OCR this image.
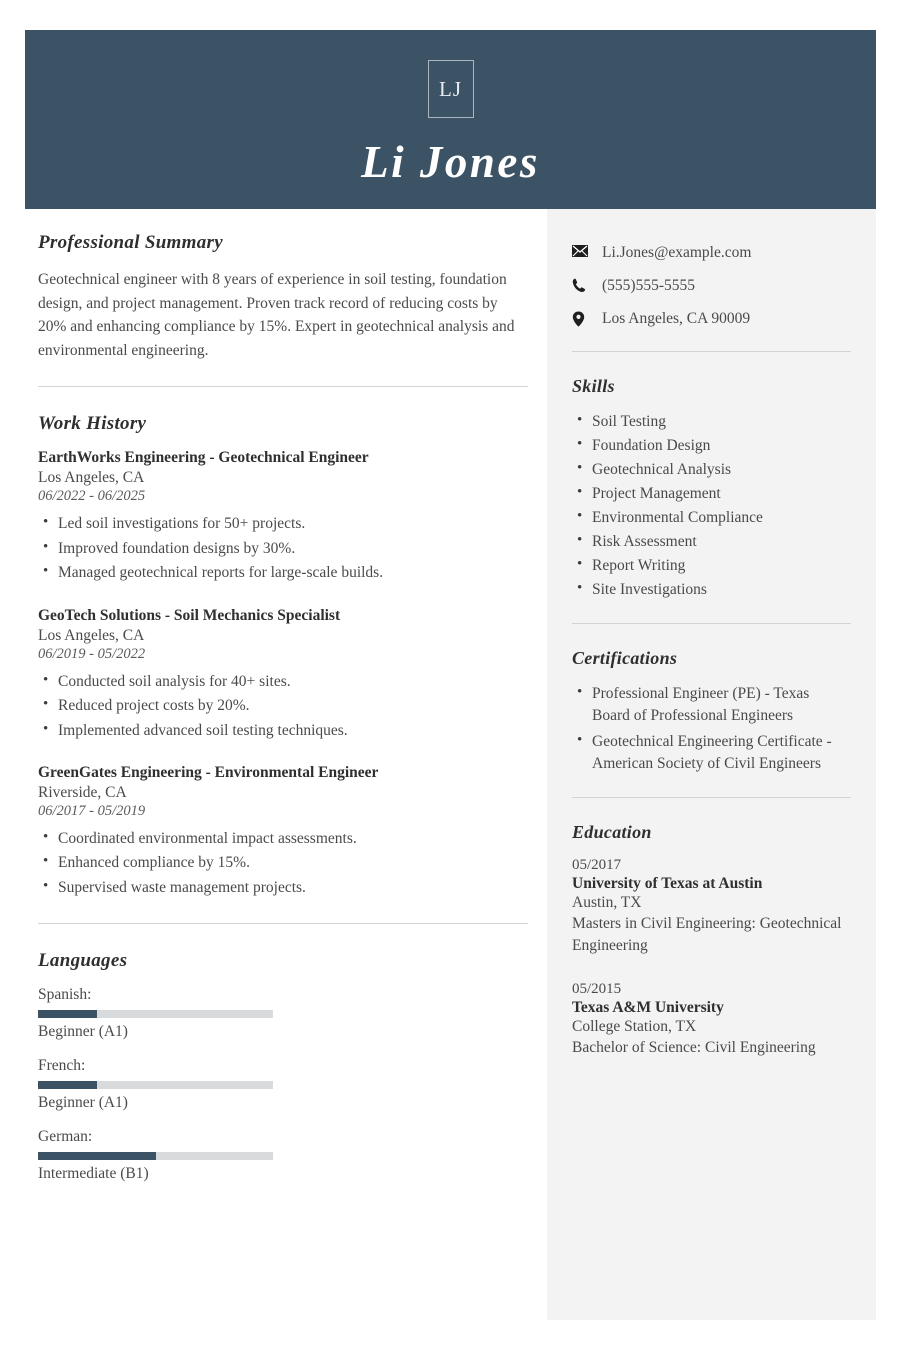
LJ
Li Jones
Professional Summary

Geotechnical engineer with 8 years of experience in soil testing, foundation design, and project management. Proven track record of reducing costs by 20% and enhancing compliance by 15%. Expert in geotechnical analysis and environmental engineering.

Work History

EarthWorks Engineering - Geotechnical Engineer

Los Angeles, CA

06/2022 - 06/2025

• Led soil investigations for 50+ projects.
• Improved foundation designs by 30%.
• Managed geotechnical reports for large-scale builds.

GeoTech Solutions - Soil Mechanics Specialist

Los Angeles, CA

06/2019 - 05/2022

• Conducted soil analysis for 40+ sites.
• Reduced project costs by 20%.
• Implemented advanced soil testing techniques.

GreenGates Engineering - Environmental Engineer

Riverside, CA

06/2017 - 05/2019

• Coordinated environmental impact assessments.
• Enhanced compliance by 15%.
• Supervised waste management projects.
Languages

Spanish:

Beginner (A1)

French:

Beginner (A1)

German:

Intermediate (B1)

Li.Jones@example.com
(555)555-5555
Los Angeles, CA 90009
Skills
• Soil Testing
• Foundation Design
• Geotechnical Analysis
• Project Management
• Environmental Compliance
• Risk Assessment
• Report Writing
• Site Investigations
Certifications
• Professional Engineer (PE) - Texas Board of Professional Engineers
• Geotechnical Engineering Certificate - American Society of Civil Engineers
Education

05/2017

University of Texas at Austin

Austin, TX

Masters in Civil Engineering: Geotechnical Engineering

05/2015

Texas A&M University

College Station, TX

Bachelor of Science: Civil Engineering
